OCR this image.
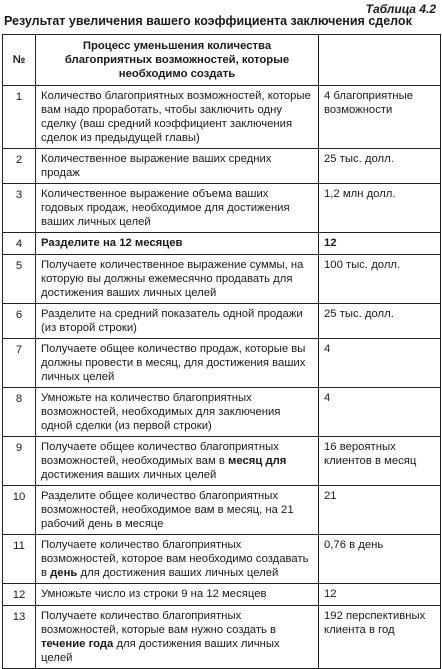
Таблица 4.2
Результат увеличения вашего коэффициента заключения сделок
№	Процесс уменьшения количества благоприятных возможностей, которые необходимо создать	
1	Количество благоприятных возможностей, которые вам надо проработать, чтобы заключить одну сделку (ваш средний коэффициент заключения сделок из предыдущей главы)	4 благоприятные возможности
2	Количественное выражение ваших средних продаж	25 тыс. долл.
3	Количественное выражение объема ваших годовых продаж, необходимое для достижения ваших личных целей	1,2 млн долл.
4	Разделите на 12 месяцев	12
5	Получаете количественное выражение суммы, на которую вы должны ежемесячно продавать для достижения ваших личных целей	100 тыс. долл.
6	Разделите на средний показатель одной продажи (из второй строки)	25 тыс. долл.
7	Получаете общее количество продаж, которые вы должны провести в месяц, для достижения ваших личных целей	4
8	Умножьте на количество благоприятных возможностей, необходимых для заключения одной сделки (из первой строки)	4
9	Получаете общее количество благоприятных возможностей, необходимых вам в месяц для достижения ваших личных целей	16 вероятных клиентов в месяц
10	Разделите общее количество благоприятных возможностей, необходимое вам в месяц, на 21 рабочий день в месяце	21
11	Получаете количество благоприятных возможностей, которое вам необходимо создавать в день для достижения ваших личных целей	0,76 в день
12	Умножьте число из строки 9 на 12 месяцев	12
13	Получаете количество благоприятных возможностей, которые вам нужно создать в течение года для достижения ваших личных целей	192 перспективных клиента в год
